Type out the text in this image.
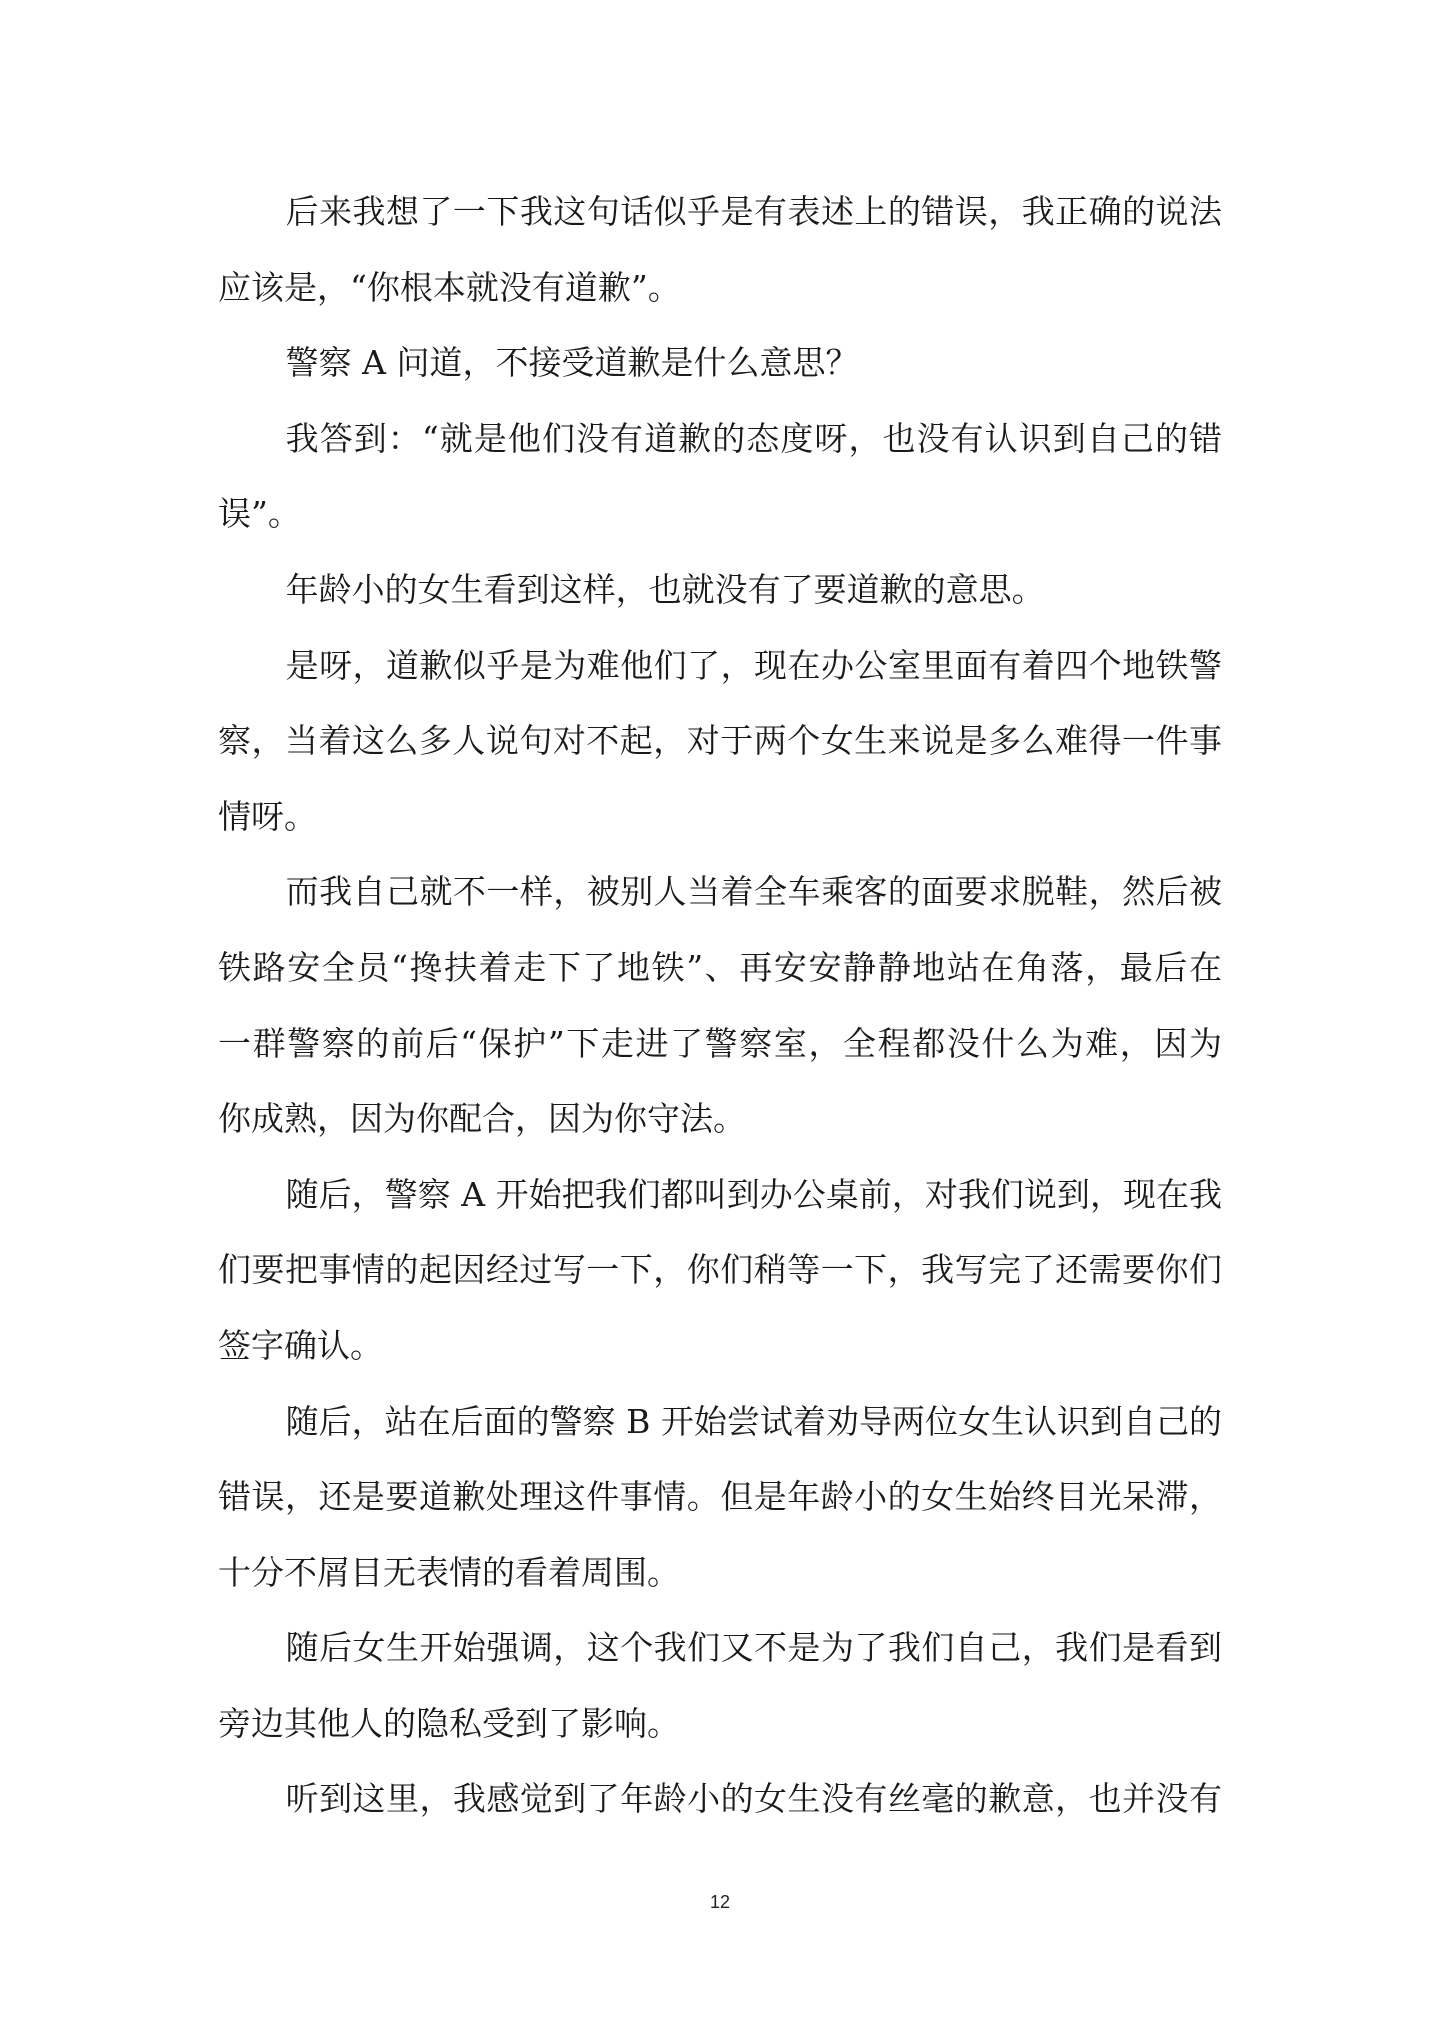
后来我想了一下我这句话似乎是有表述上的错误，我正确的说法
应该是，“你根本就没有道歉”。
警察 A 问道，不接受道歉是什么意思？
我答到：“就是他们没有道歉的态度呀，也没有认识到自己的错
误”。
年龄小的女生看到这样，也就没有了要道歉的意思。
是呀，道歉似乎是为难他们了，现在办公室里面有着四个地铁警
察，当着这么多人说句对不起，对于两个女生来说是多么难得一件事
情呀。
而我自己就不一样，被别人当着全车乘客的面要求脱鞋，然后被
铁路安全员“搀扶着走下了地铁”、再安安静静地站在角落，最后在
一群警察的前后“保护”下走进了警察室，全程都没什么为难，因为
你成熟，因为你配合，因为你守法。
随后，警察 A 开始把我们都叫到办公桌前，对我们说到，现在我
们要把事情的起因经过写一下，你们稍等一下，我写完了还需要你们
签字确认。
随后，站在后面的警察 B 开始尝试着劝导两位女生认识到自己的
错误，还是要道歉处理这件事情。但是年龄小的女生始终目光呆滞，
十分不屑目无表情的看着周围。
随后女生开始强调，这个我们又不是为了我们自己，我们是看到
旁边其他人的隐私受到了影响。
听到这里，我感觉到了年龄小的女生没有丝毫的歉意，也并没有
12
